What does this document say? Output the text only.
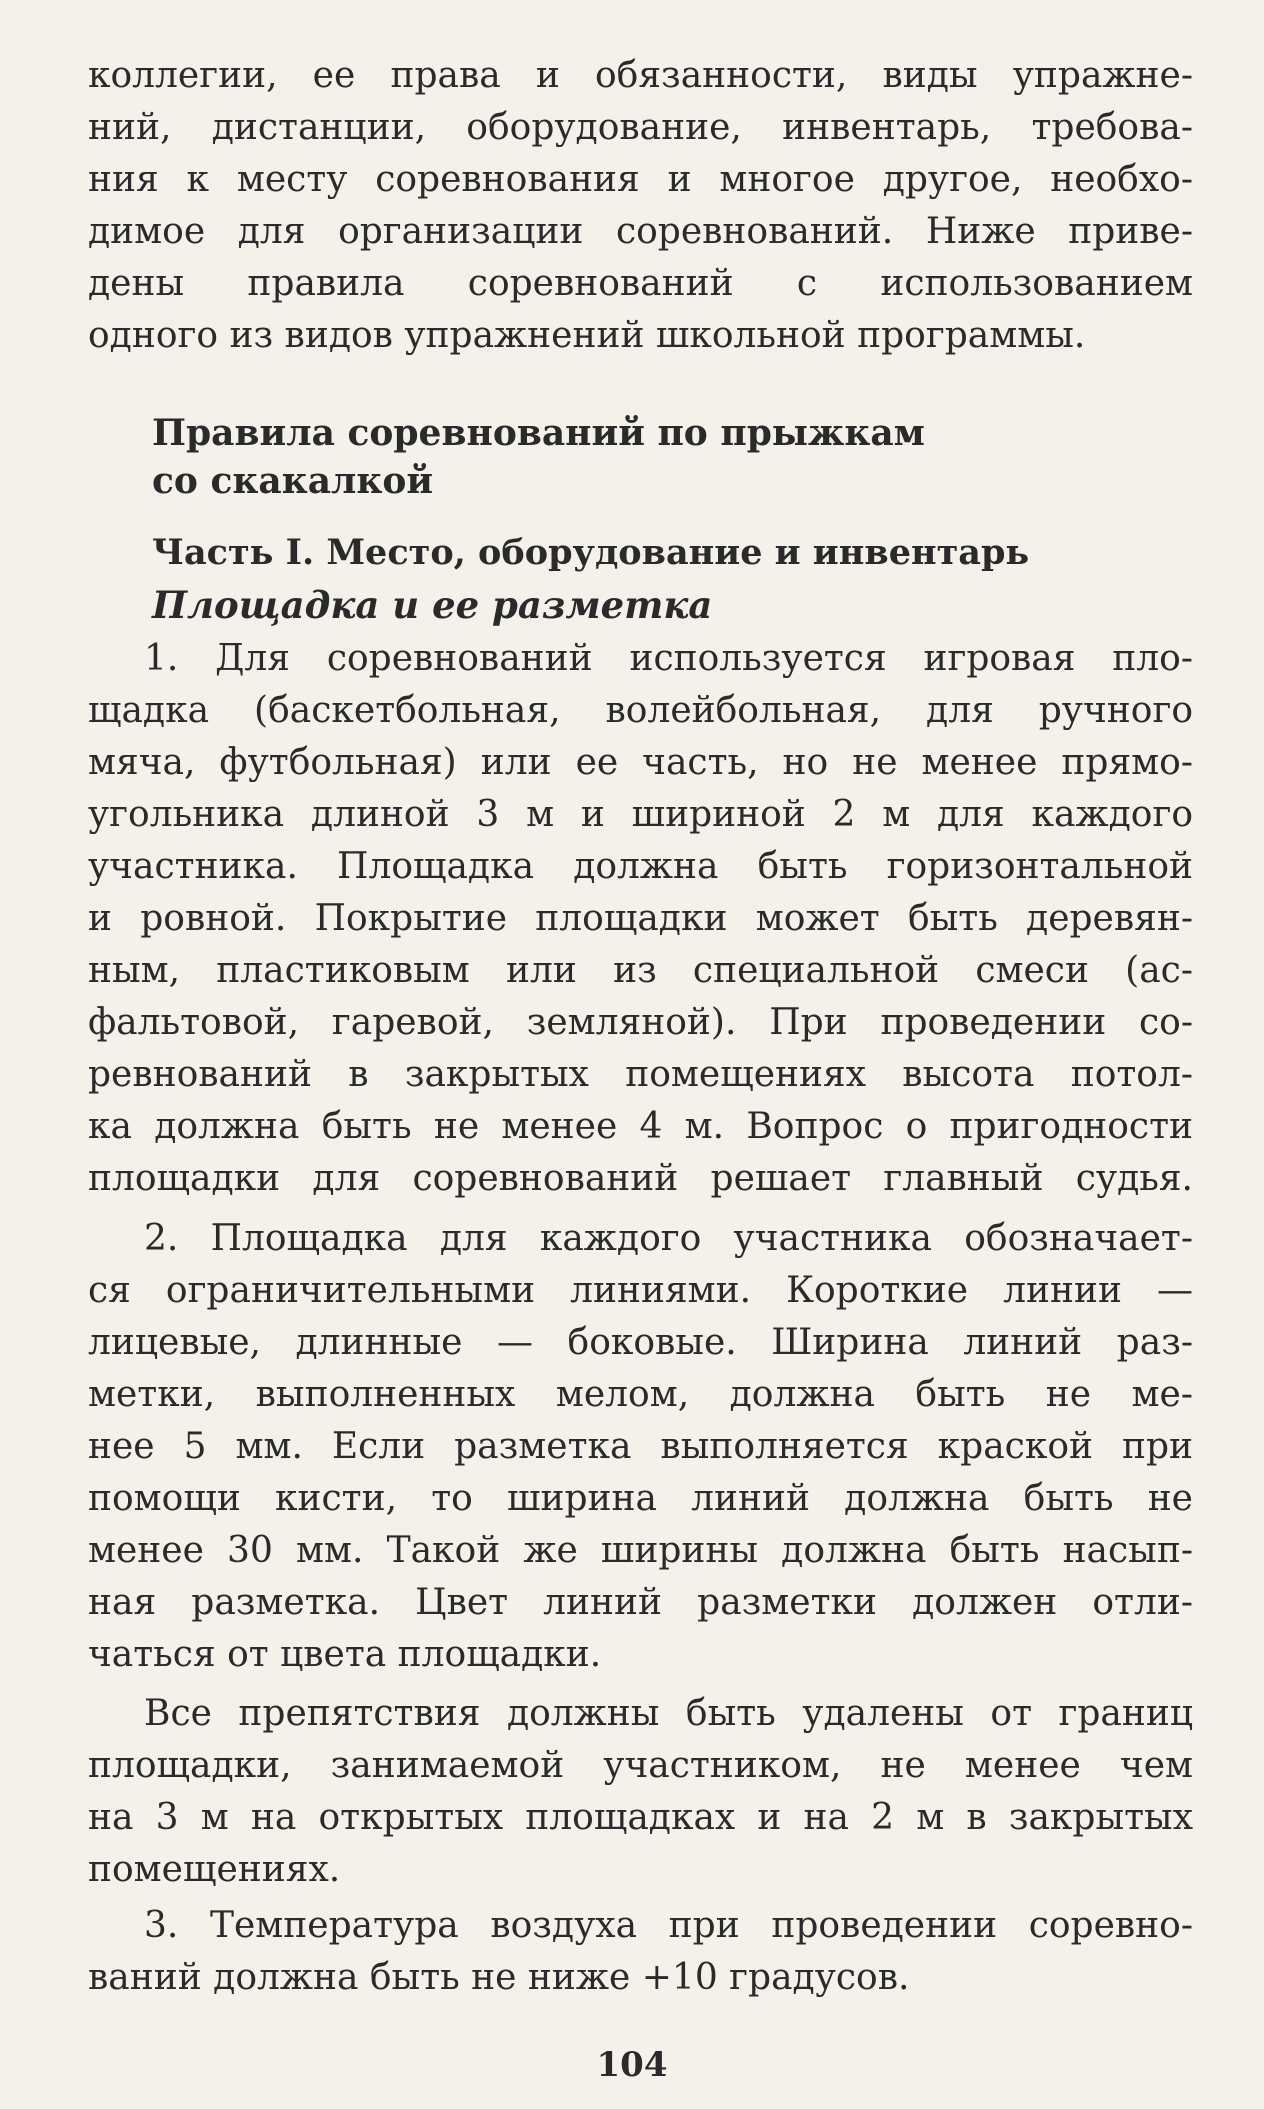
коллегии, ее права и обязанности, виды упражне-
ний, дистанции, оборудование, инвентарь, требова-
ния к месту соревнования и многое другое, необхо-
димое для организации соревнований. Ниже приве-
дены правила соревнований с использованием
одного из видов упражнений школьной программы.
Правила соревнований по прыжкам
со скакалкой
Часть I. Место, оборудование и инвентарь
Площадка и ее разметка
1. Для соревнований используется игровая пло-
щадка (баскетбольная, волейбольная, для ручного
мяча, футбольная) или ее часть, но не менее прямо-
угольника длиной 3 м и шириной 2 м для каждого
участника. Площадка должна быть горизонтальной
и ровной. Покрытие площадки может быть деревян-
ным, пластиковым или из специальной смеси (ас-
фальтовой, гаревой, земляной). При проведении со-
ревнований в закрытых помещениях высота потол-
ка должна быть не менее 4 м. Вопрос о пригодности
площадки для соревнований решает главный судья.
2. Площадка для каждого участника обозначает-
ся ограничительными линиями. Короткие линии —
лицевые, длинные — боковые. Ширина линий раз-
метки, выполненных мелом, должна быть не ме-
нее 5 мм. Если разметка выполняется краской при
помощи кисти, то ширина линий должна быть не
менее 30 мм. Такой же ширины должна быть насып-
ная разметка. Цвет линий разметки должен отли-
чаться от цвета площадки.
Все препятствия должны быть удалены от границ
площадки, занимаемой участником, не менее чем
на 3 м на открытых площадках и на 2 м в закрытых
помещениях.
3. Температура воздуха при проведении соревно-
ваний должна быть не ниже +10 градусов.
104
